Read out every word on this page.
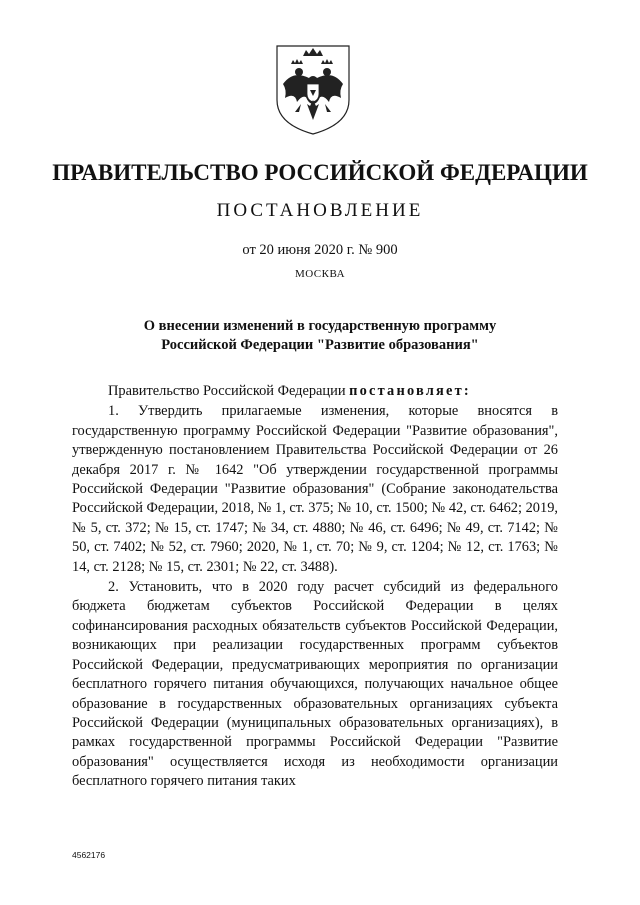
ПРАВИТЕЛЬСТВО РОССИЙСКОЙ ФЕДЕРАЦИИ
ПОСТАНОВЛЕНИЕ
от 20 июня 2020 г. № 900
МОСКВА
О внесении изменений в государственную программу
Российской Федерации "Развитие образования"

Правительство Российской Федерации постановляет:

1. Утвердить прилагаемые изменения, которые вносятся в государственную программу Российской Федерации "Развитие образования", утвержденную постановлением Правительства Российской Федерации от 26 декабря 2017 г. № 1642 "Об утверждении государственной программы Российской Федерации "Развитие образования" (Собрание законодательства Российской Федерации, 2018, № 1, ст. 375; № 10, ст. 1500; № 42, ст. 6462; 2019, № 5, ст. 372; № 15, ст. 1747; № 34, ст. 4880; № 46, ст. 6496; № 49, ст. 7142; № 50, ст. 7402; № 52, ст. 7960; 2020, № 1, ст. 70; № 9, ст. 1204; № 12, ст. 1763; № 14, ст. 2128; № 15, ст. 2301; № 22, ст. 3488).

2. Установить, что в 2020 году расчет субсидий из федерального бюджета бюджетам субъектов Российской Федерации в целях софинансирования расходных обязательств субъектов Российской Федерации, возникающих при реализации государственных программ субъектов Российской Федерации, предусматривающих мероприятия по организации бесплатного горячего питания обучающихся, получающих начальное общее образование в государственных образовательных организациях субъекта Российской Федерации (муниципальных образовательных организациях), в рамках государственной программы Российской Федерации "Развитие образования" осуществляется исходя из необходимости организации бесплатного горячего питания таких

4562176
